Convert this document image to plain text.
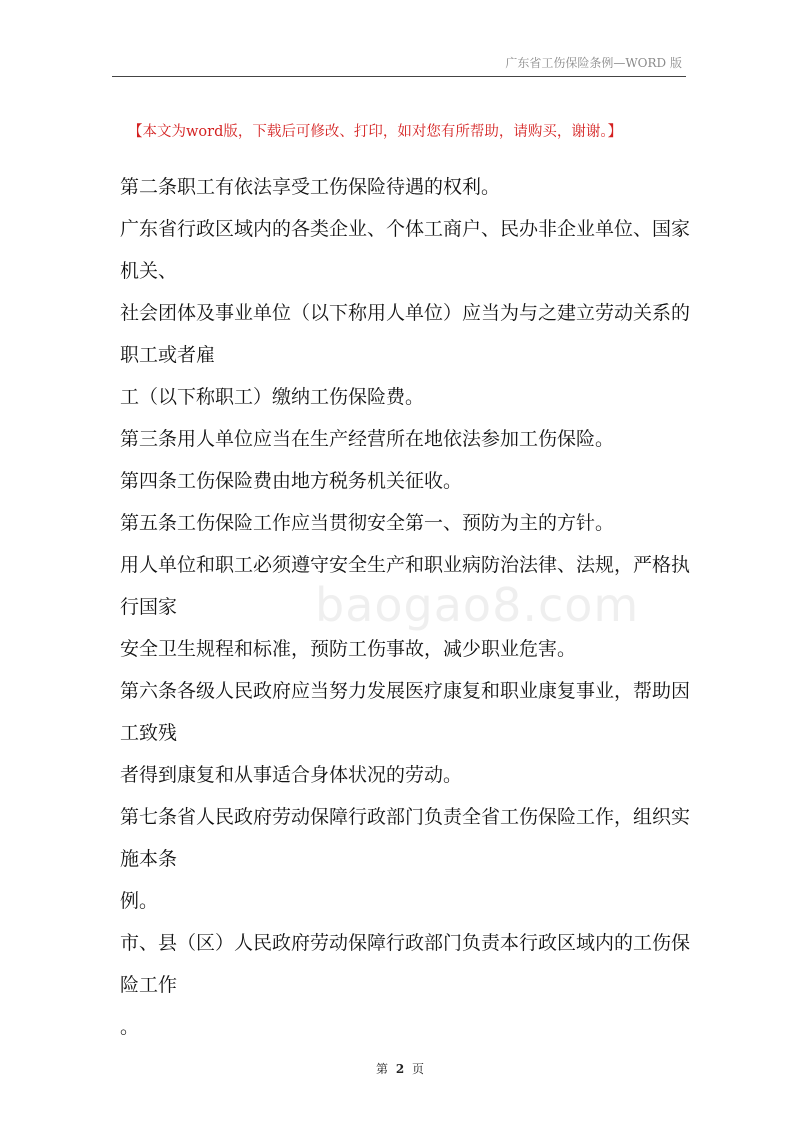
广东省工伤保险条例—WORD 版
【本文为word版，下载后可修改、打印，如对您有所帮助，请购买，谢谢。】
baogao8.com
第二条职工有依法享受工伤保险待遇的权利。
广东省行政区域内的各类企业、个体工商户、民办非企业单位、国家
机关、
社会团体及事业单位（以下称用人单位）应当为与之建立劳动关系的
职工或者雇
工（以下称职工）缴纳工伤保险费。
第三条用人单位应当在生产经营所在地依法参加工伤保险。
第四条工伤保险费由地方税务机关征收。
第五条工伤保险工作应当贯彻安全第一、预防为主的方针。
用人单位和职工必须遵守安全生产和职业病防治法律、法规，严格执
行国家
安全卫生规程和标准，预防工伤事故，减少职业危害。
第六条各级人民政府应当努力发展医疗康复和职业康复事业，帮助因
工致残
者得到康复和从事适合身体状况的劳动。
第七条省人民政府劳动保障行政部门负责全省工伤保险工作，组织实
施本条
例。
市、县（区）人民政府劳动保障行政部门负责本行政区域内的工伤保
险工作
。
第 2 页
